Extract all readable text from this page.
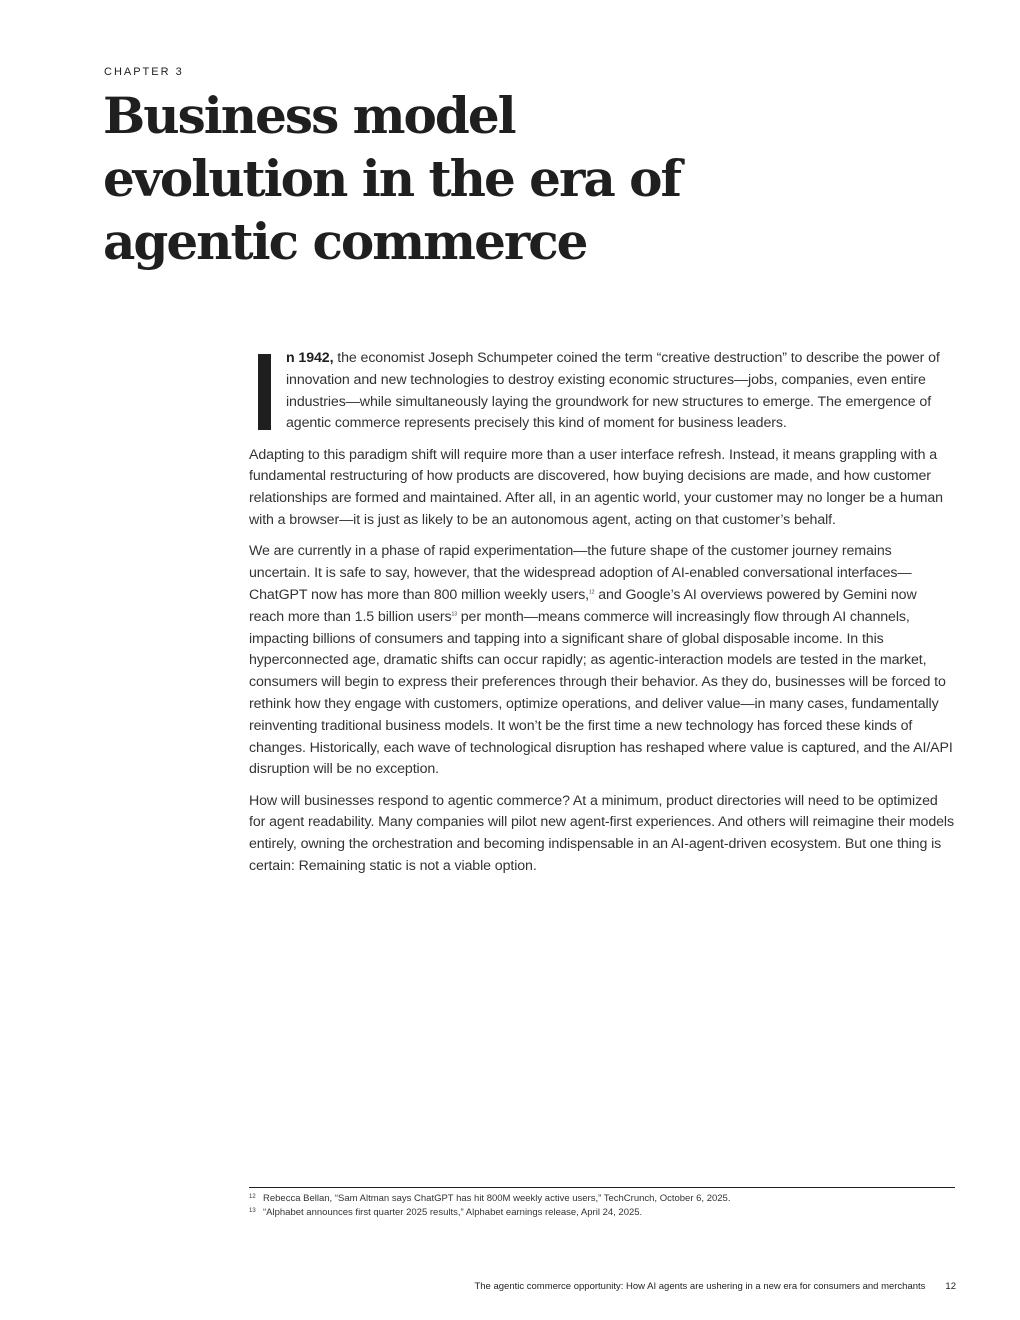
CHAPTER 3
Business model evolution in the era of agentic commerce

n 1942, the economist Joseph Schumpeter coined the term “creative destruction” to describe the power of innovation and new technologies to destroy existing economic structures—jobs, companies, even entire industries—while simultaneously laying the groundwork for new structures to emerge. The emergence of agentic commerce represents precisely this kind of moment for business leaders.

Adapting to this paradigm shift will require more than a user interface refresh. Instead, it means grappling with a fundamental restructuring of how products are discovered, how buying decisions are made, and how customer relationships are formed and maintained. After all, in an agentic world, your customer may no longer be a human with a browser—it is just as likely to be an autonomous agent, acting on that customer’s behalf.

We are currently in a phase of rapid experimentation—the future shape of the customer journey remains uncertain. It is safe to say, however, that the widespread adoption of AI-enabled conversational interfaces—ChatGPT now has more than 800 million weekly users,$^{12}$ and Google’s AI overviews powered by Gemini now reach more than 1.5 billion users$^{13}$ per month—means commerce will increasingly flow through AI channels, impacting billions of consumers and tapping into a significant share of global disposable income. In this hyperconnected age, dramatic shifts can occur rapidly; as agentic-interaction models are tested in the market, consumers will begin to express their preferences through their behavior. As they do, businesses will be forced to rethink how they engage with customers, optimize operations, and deliver value—in many cases, fundamentally reinventing traditional business models. It won’t be the first time a new technology has forced these kinds of changes. Historically, each wave of technological disruption has reshaped where value is captured, and the AI/API disruption will be no exception.

How will businesses respond to agentic commerce? At a minimum, product directories will need to be optimized for agent readability. Many companies will pilot new agent-first experiences. And others will reimagine their models entirely, owning the orchestration and becoming indispensable in an AI-agent-driven ecosystem. But one thing is certain: Remaining static is not a viable option.

12 Rebecca Bellan, “Sam Altman says ChatGPT has hit 800M weekly active users,” TechCrunch, October 6, 2025.
13 “Alphabet announces first quarter 2025 results,” Alphabet earnings release, April 24, 2025.
The agentic commerce opportunity: How AI agents are ushering in a new era for consumers and merchants 12
